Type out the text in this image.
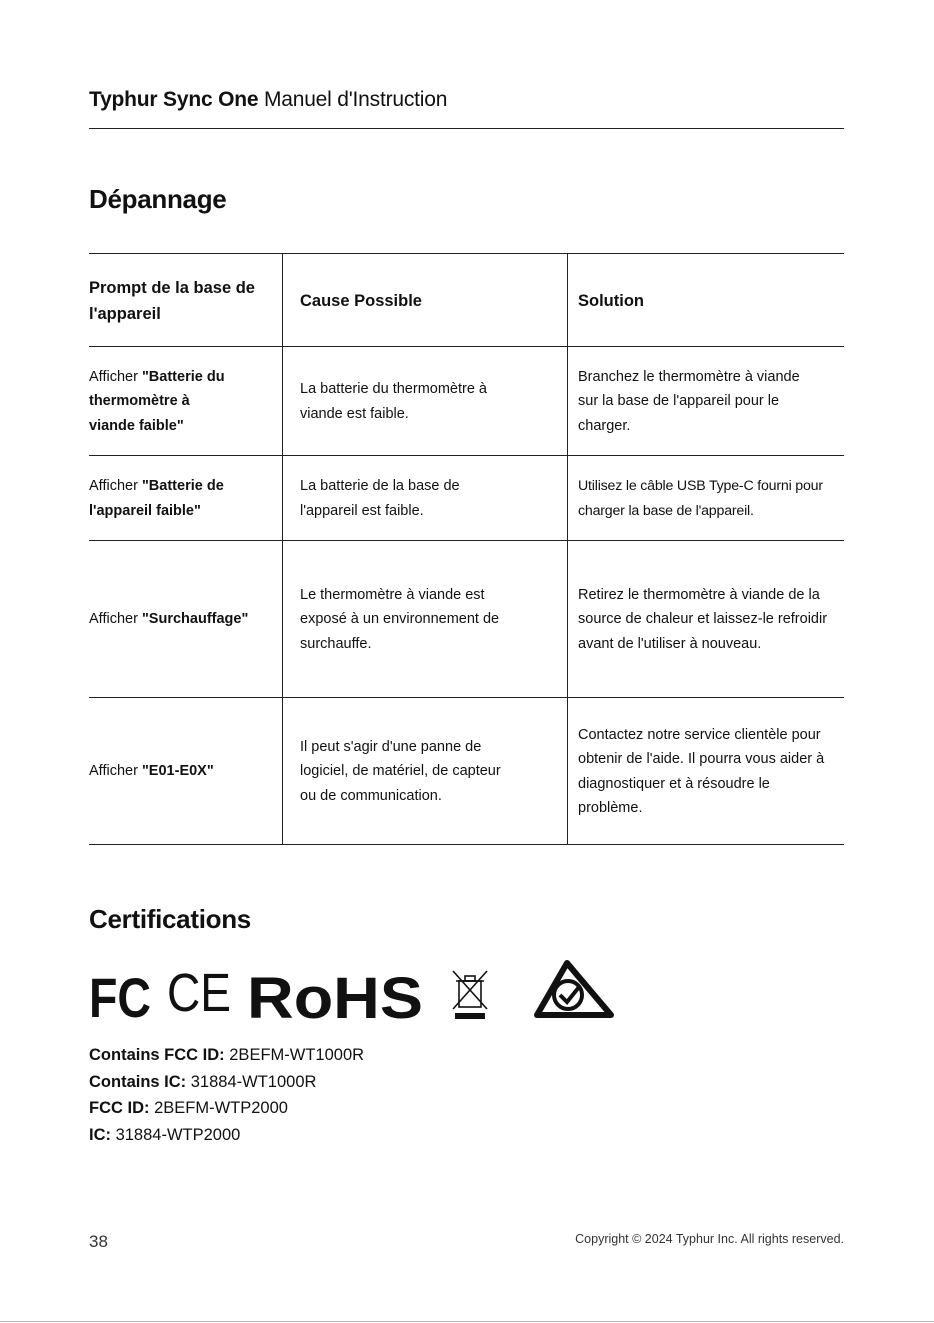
Typhur Sync One Manuel d'Instruction
Dépannage
Prompt de la base de l'appareil
Cause Possible	Solution
Afficher "Batterie du thermomètre à viande faible"
La batterie du thermomètre à viande est faible.
Branchez le thermomètre à viande sur la base de l'appareil pour le charger.
Afficher "Batterie de l'appareil faible"
La batterie de la base de l'appareil est faible.
Utilisez le câble USB Type-C fourni pour charger la base de l'appareil.
Afficher "Surchauffage"
Le thermomètre à viande est exposé à un environnement de surchauffe.
Retirez le thermomètre à viande de la source de chaleur et laissez-le refroidir avant de l'utiliser à nouveau.
Afficher "E01-E0X"
Il peut s'agir d'une panne de logiciel, de matériel, de capteur ou de communication.
Contactez notre service clientèle pour obtenir de l'aide. Il pourra vous aider à diagnostiquer et à résoudre le problème.
Certifications
FC CE RoHS
Contains FCC ID: 2BEFM-WT1000R
Contains IC: 31884-WT1000R
FCC ID: 2BEFM-WTP2000
IC: 31884-WTP2000
38	Copyright © 2024 Typhur Inc. All rights reserved.
